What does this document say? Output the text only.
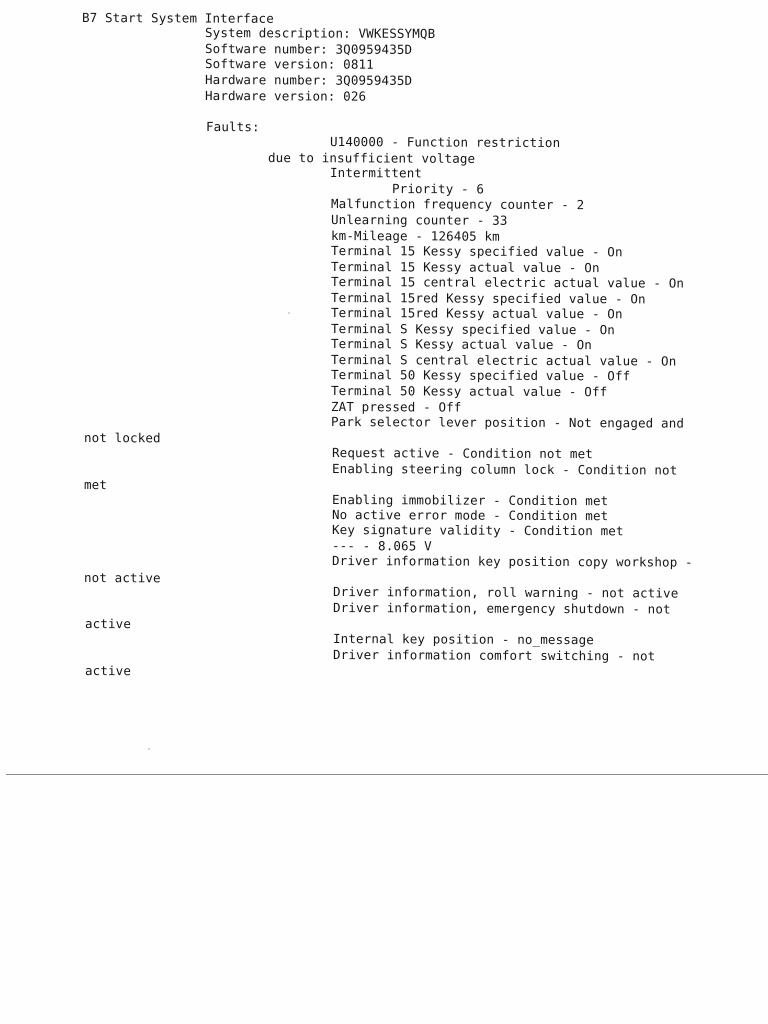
B7 Start System Interface
System description: VWKESSYMQB
Software number: 3Q0959435D
Software version: 0811
Hardware number: 3Q0959435D
Hardware version: 026
Faults:
U140000 - Function restriction
due to insufficient voltage
Intermittent
Priority - 6
Malfunction frequency counter - 2
Unlearning counter - 33
km-Mileage - 126405 km
Terminal 15 Kessy specified value - On
Terminal 15 Kessy actual value - On
Terminal 15 central electric actual value - On
Terminal 15red Kessy specified value - On
Terminal 15red Kessy actual value - On
Terminal S Kessy specified value - On
Terminal S Kessy actual value - On
Terminal S central electric actual value - On
Terminal 50 Kessy specified value - Off
Terminal 50 Kessy actual value - Off
ZAT pressed - Off
Park selector lever position - Not engaged and
not locked
Request active - Condition not met
Enabling steering column lock - Condition not
met
Enabling immobilizer - Condition met
No active error mode - Condition met
Key signature validity - Condition met
--- - 8.065 V
Driver information key position copy workshop -
not active
Driver information, roll warning - not active
Driver information, emergency shutdown - not
active
Internal key position - no_message
Driver information comfort switching - not
active
